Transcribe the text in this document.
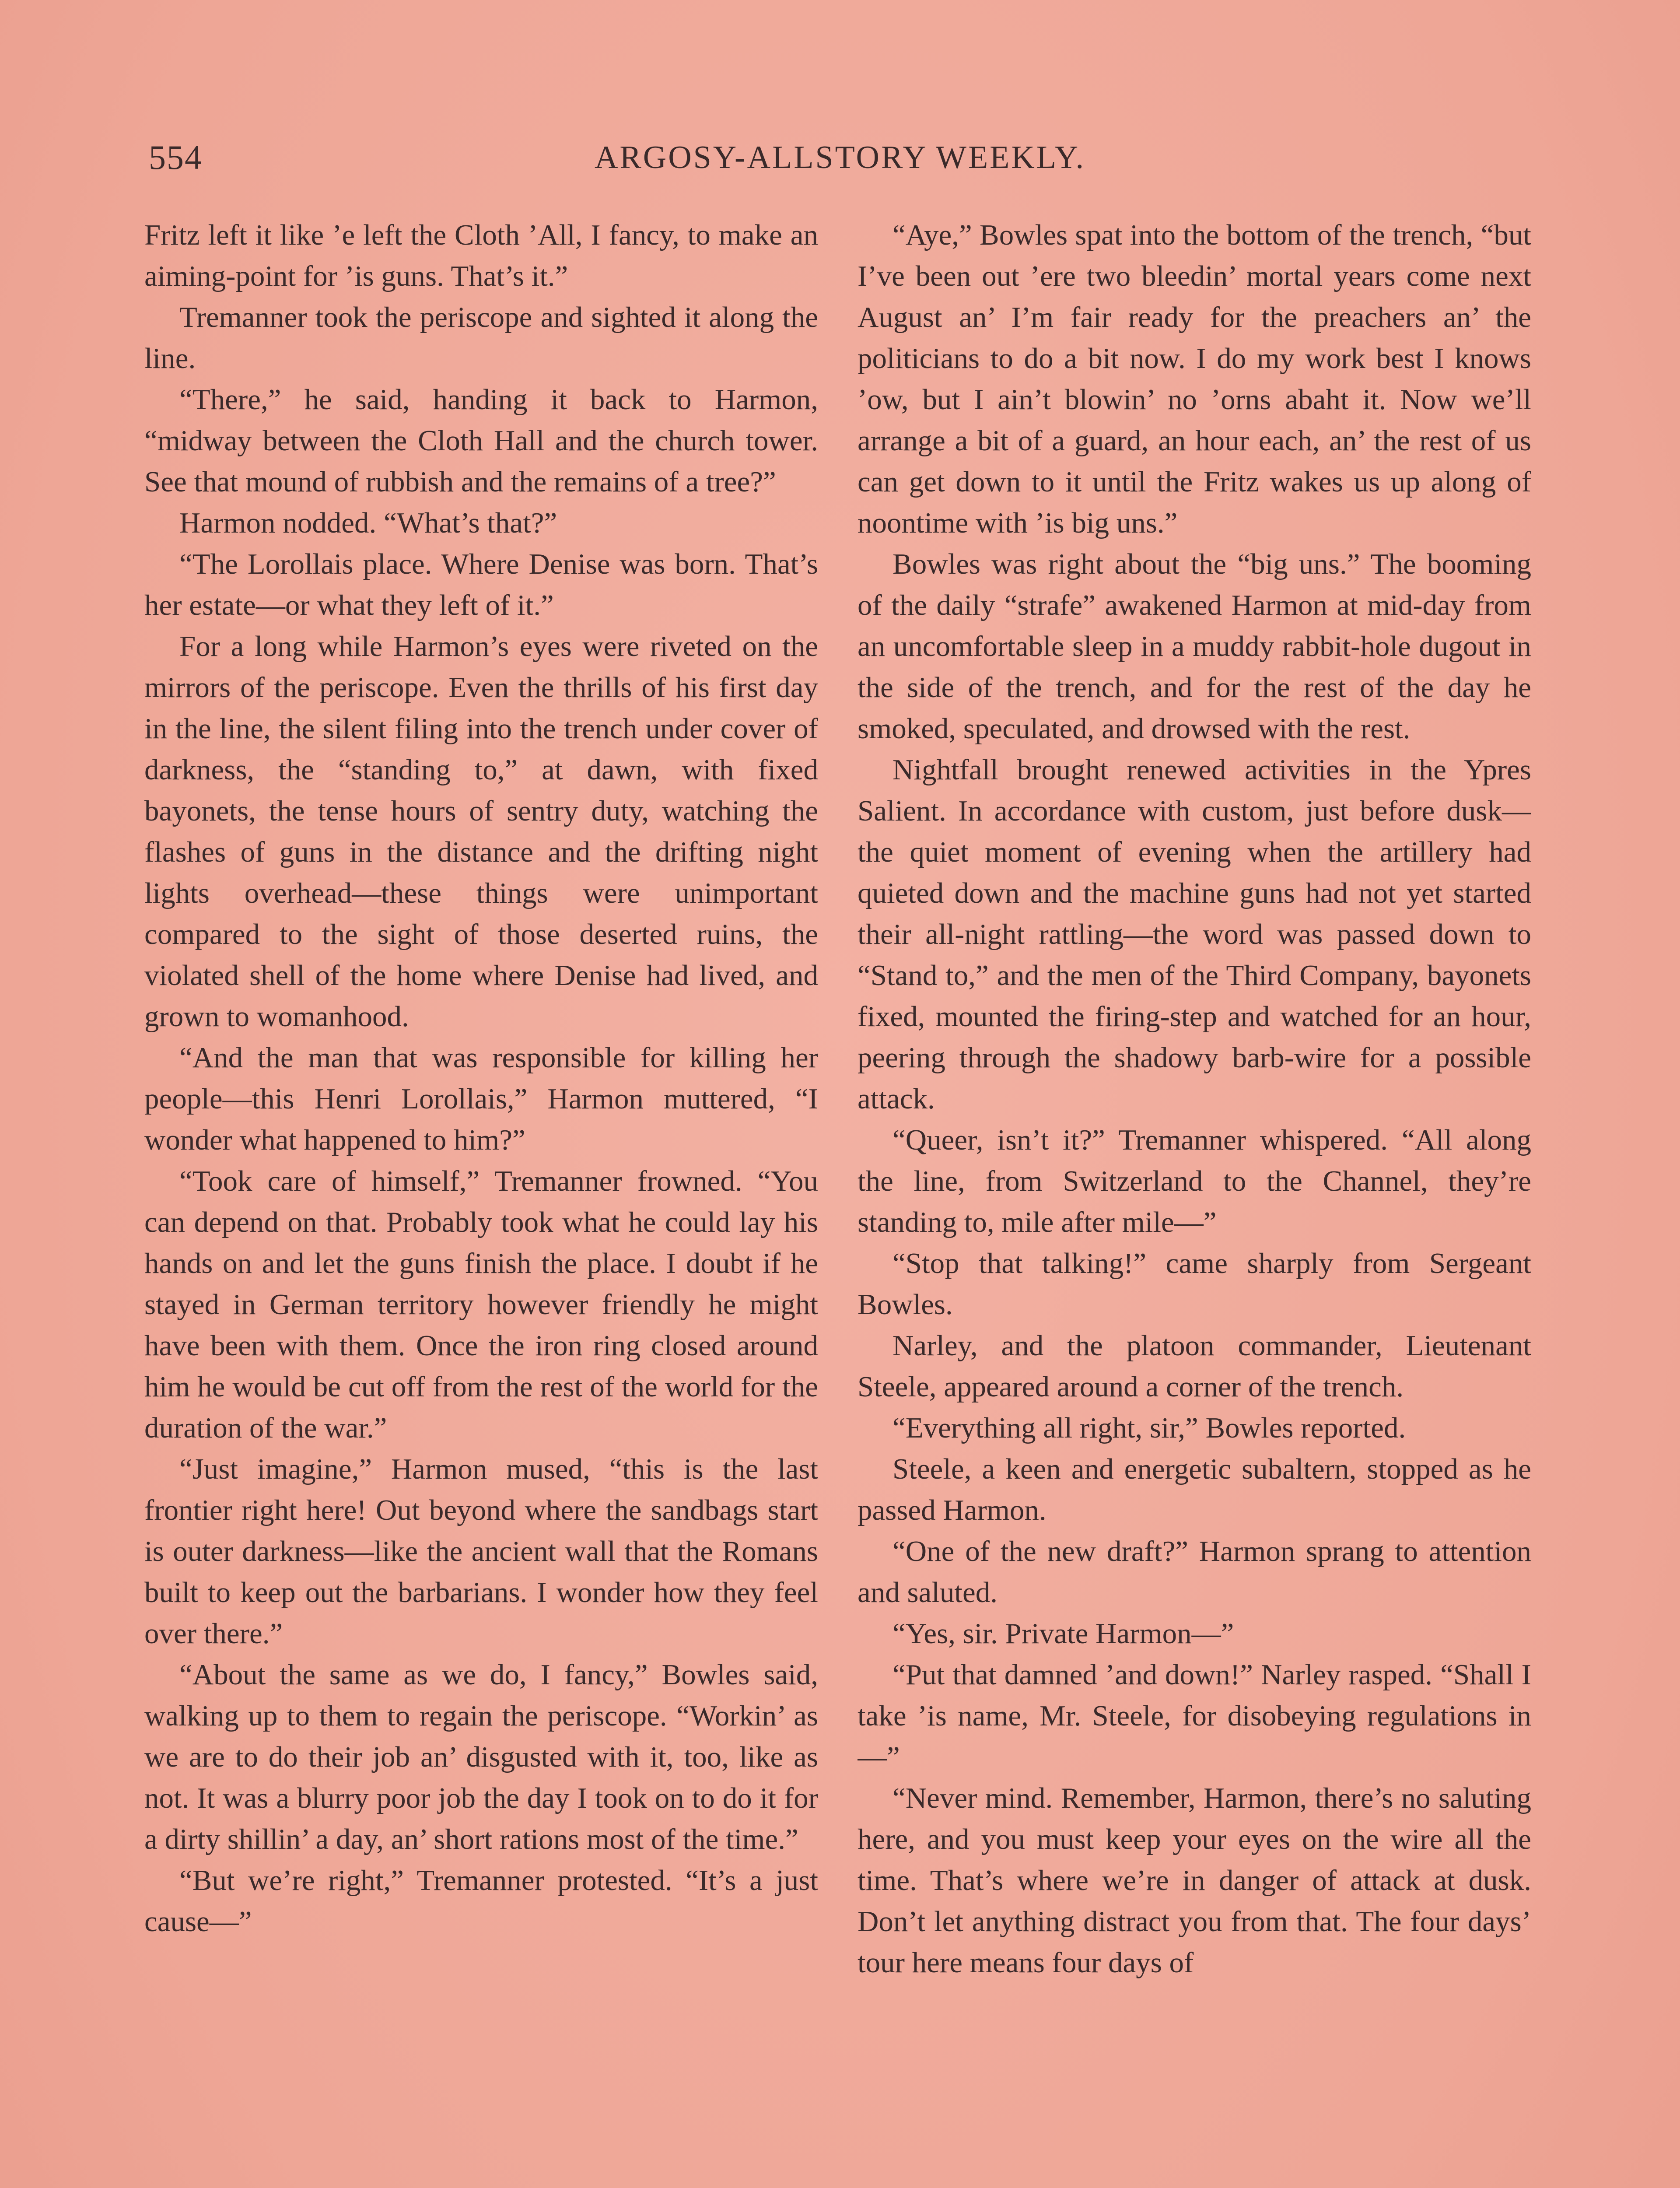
554	ARGOSY-ALLSTORY WEEKLY.

Fritz left it like ’e left the Cloth ’All, I fancy, to make an aiming-point for ’is guns. That’s it.”

Tremanner took the periscope and sighted it along the line.

“There,” he said, handing it back to Harmon, “midway between the Cloth Hall and the church tower. See that mound of rubbish and the remains of a tree?”

Harmon nodded. “What’s that?”

“The Lorollais place. Where Denise was born. That’s her estate—or what they left of it.”

For a long while Harmon’s eyes were riveted on the mirrors of the periscope. Even the thrills of his first day in the line, the silent filing into the trench under cover of darkness, the “standing to,” at dawn, with fixed bayonets, the tense hours of sentry duty, watching the flashes of guns in the distance and the drifting night lights overhead—these things were unimportant compared to the sight of those deserted ruins, the violated shell of the home where Denise had lived, and grown to womanhood.

“And the man that was responsible for killing her people—this Henri Lorollais,” Harmon muttered, “I wonder what happened to him?”

“Took care of himself,” Tremanner frowned. “You can depend on that. Probably took what he could lay his hands on and let the guns finish the place. I doubt if he stayed in German territory however friendly he might have been with them. Once the iron ring closed around him he would be cut off from the rest of the world for the duration of the war.”

“Just imagine,” Harmon mused, “this is the last frontier right here! Out beyond where the sandbags start is outer darkness—like the ancient wall that the Romans built to keep out the barbarians. I wonder how they feel over there.”

“About the same as we do, I fancy,” Bowles said, walking up to them to regain the periscope. “Workin’ as we are to do their job an’ disgusted with it, too, like as not. It was a blurry poor job the day I took on to do it for a dirty shillin’ a day, an’ short rations most of the time.”

“But we’re right,” Tremanner protested. “It’s a just cause—”

“Aye,” Bowles spat into the bottom of the trench, “but I’ve been out ’ere two bleedin’ mortal years come next August an’ I’m fair ready for the preachers an’ the politicians to do a bit now. I do my work best I knows ’ow, but I ain’t blowin’ no ’orns abaht it. Now we’ll arrange a bit of a guard, an hour each, an’ the rest of us can get down to it until the Fritz wakes us up along of noontime with ’is big uns.”

Bowles was right about the “big uns.” The booming of the daily “strafe” awakened Harmon at mid-day from an uncomfortable sleep in a muddy rabbit-hole dugout in the side of the trench, and for the rest of the day he smoked, speculated, and drowsed with the rest.

Nightfall brought renewed activities in the Ypres Salient. In accordance with custom, just before dusk—the quiet moment of evening when the artillery had quieted down and the machine guns had not yet started their all-night rattling—the word was passed down to “Stand to,” and the men of the Third Company, bayonets fixed, mounted the firing-step and watched for an hour, peering through the shadowy barb-wire for a possible attack.

“Queer, isn’t it?” Tremanner whispered. “All along the line, from Switzerland to the Channel, they’re standing to, mile after mile—”

“Stop that talking!” came sharply from Sergeant Bowles.

Narley, and the platoon commander, Lieutenant Steele, appeared around a corner of the trench.

“Everything all right, sir,” Bowles reported.

Steele, a keen and energetic subaltern, stopped as he passed Harmon.

“One of the new draft?” Harmon sprang to attention and saluted.

“Yes, sir. Private Harmon—”

“Put that damned ’and down!” Narley rasped. “Shall I take ’is name, Mr. Steele, for disobeying regulations in—”

“Never mind. Remember, Harmon, there’s no saluting here, and you must keep your eyes on the wire all the time. That’s where we’re in danger of attack at dusk. Don’t let anything distract you from that. The four days’ tour here means four days of
